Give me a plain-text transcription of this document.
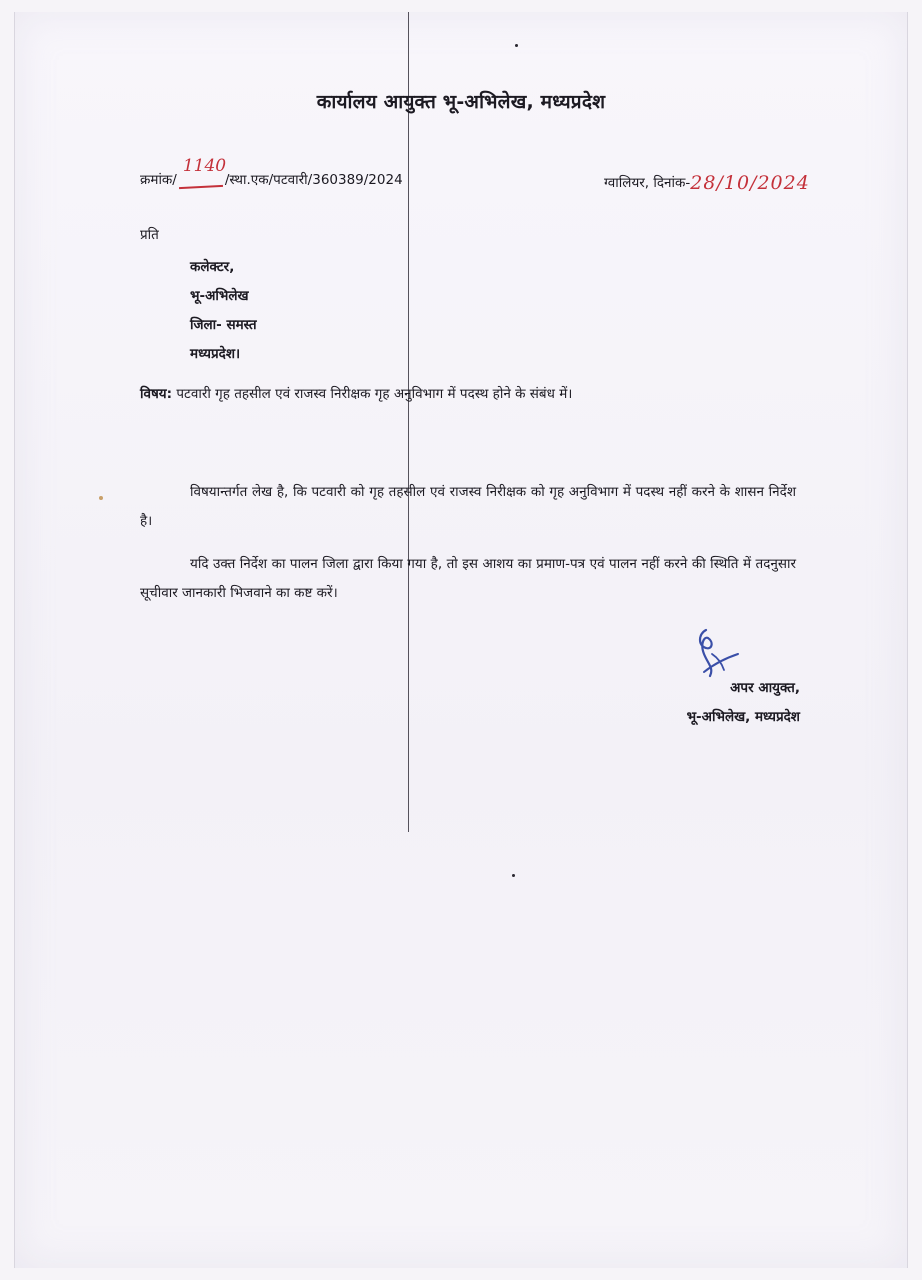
कार्यालय आयुक्त भू-अभिलेख, मध्यप्रदेश
क्रमांक/
1140
/स्था.एक/पटवारी/360389/2024	ग्वालियर, दिनांक-28/10/2024
प्रति
कलेक्टर,
भू-अभिलेख
जिला- समस्त
मध्यप्रदेश।
विषय: पटवारी गृह तहसील एवं राजस्व निरीक्षक गृह अनुविभाग में पदस्थ होने के संबंध में।
विषयान्तर्गत लेख है, कि पटवारी को गृह तहसील एवं राजस्व निरीक्षक को गृह अनुविभाग में पदस्थ नहीं करने के शासन निर्देश है।
यदि उक्त निर्देश का पालन जिला द्वारा किया गया है, तो इस आशय का प्रमाण-पत्र एवं पालन नहीं करने की स्थिति में तदनुसार सूचीवार जानकारी भिजवाने का कष्ट करें।
अपर आयुक्त,
भू-अभिलेख, मध्यप्रदेश
